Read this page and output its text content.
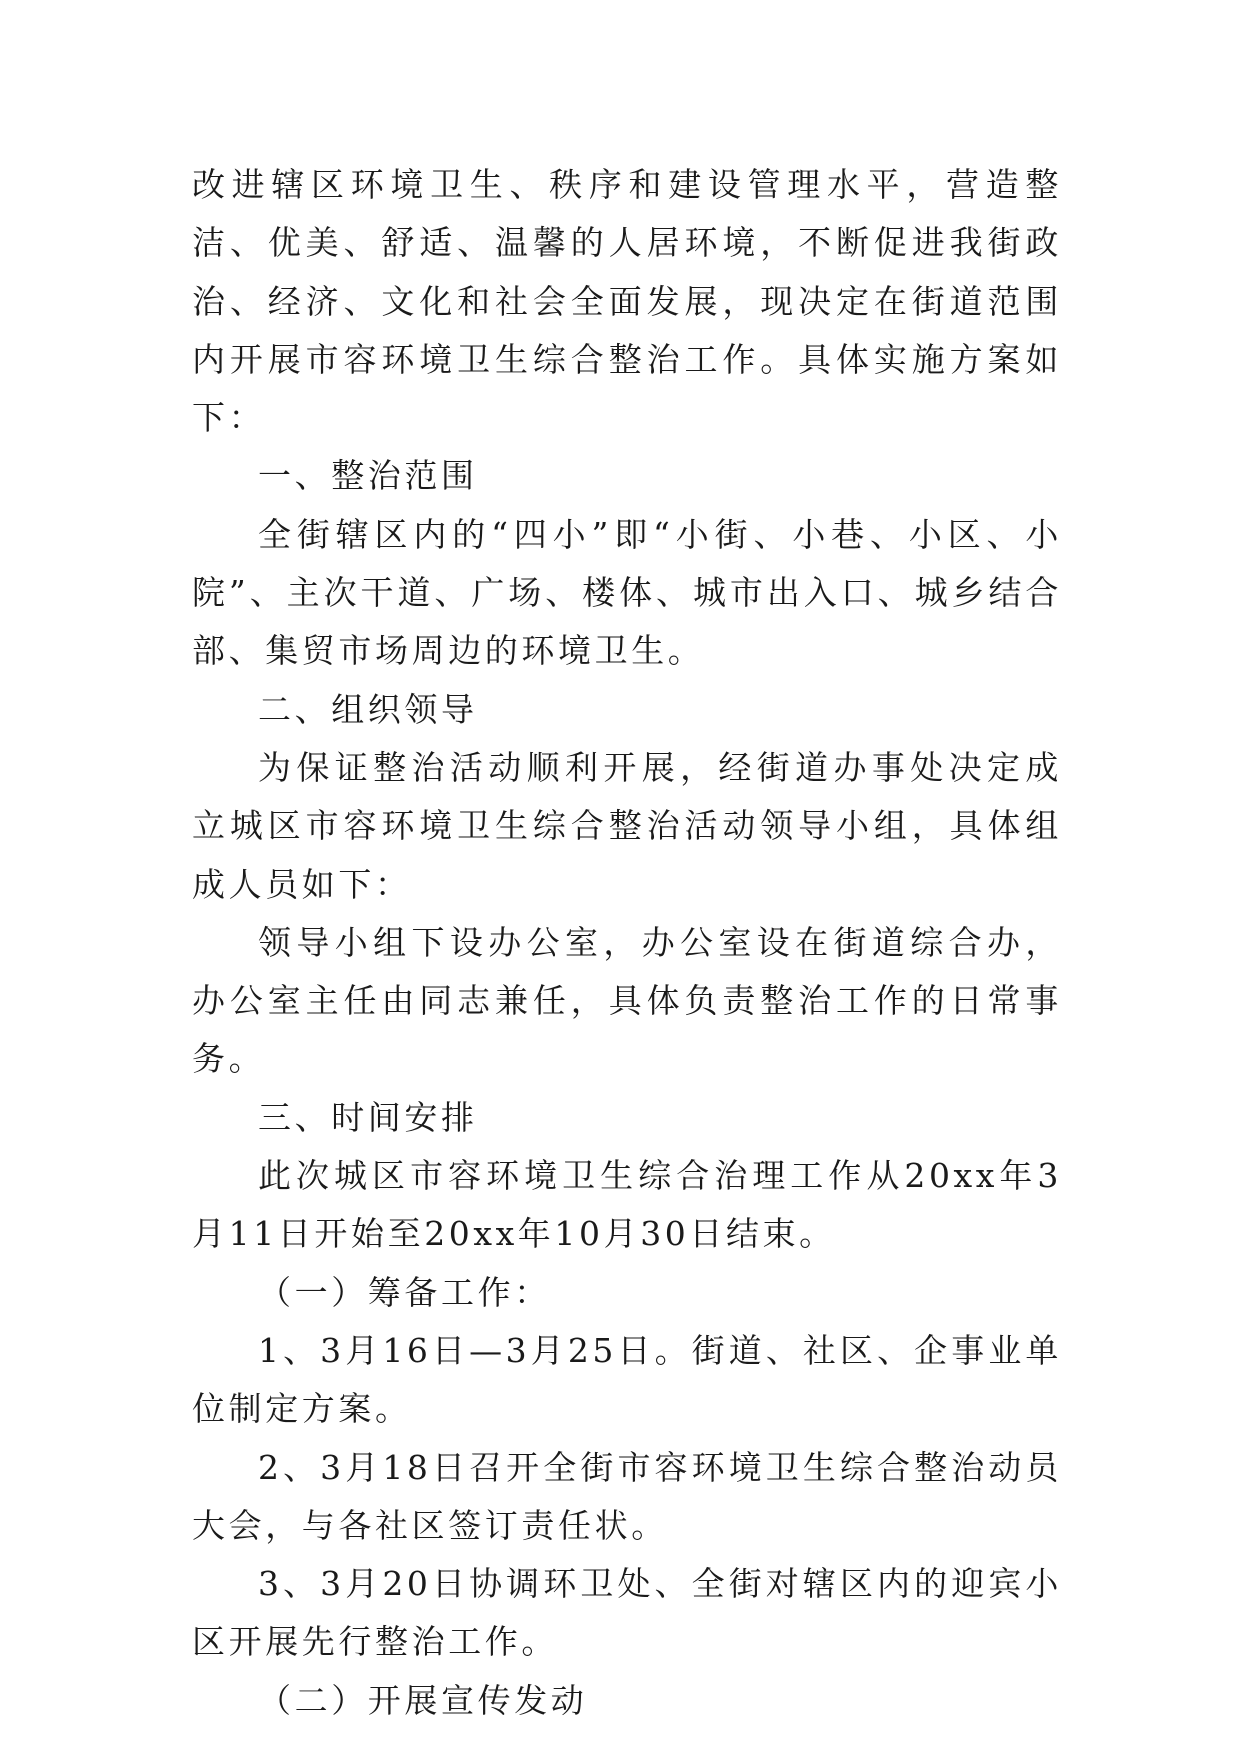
改进辖区环境卫生、秩序和建设管理水平，营造整洁、优美、舒适、温馨的人居环境，不断促进我街政治、经济、文化和社会全面发展，现决定在街道范围内开展市容环境卫生综合整治工作。具体实施方案如下：

一、整治范围

全街辖区内的“四小”即“小街、小巷、小区、小院”、主次干道、广场、楼体、城市出入口、城乡结合部、集贸市场周边的环境卫生。

二、组织领导

为保证整治活动顺利开展，经街道办事处决定成立城区市容环境卫生综合整治活动领导小组，具体组成人员如下：

领导小组下设办公室，办公室设在街道综合办，办公室主任由同志兼任，具体负责整治工作的日常事务。

三、时间安排

此次城区市容环境卫生综合治理工作从20xx年3月11日开始至20xx年10月30日结束。

（一）筹备工作：

1、3月16日—3月25日。街道、社区、企事业单位制定方案。

2、3月18日召开全街市容环境卫生综合整治动员大会，与各社区签订责任状。

3、3月20日协调环卫处、全街对辖区内的迎宾小区开展先行整治工作。

（二）开展宣传发动
